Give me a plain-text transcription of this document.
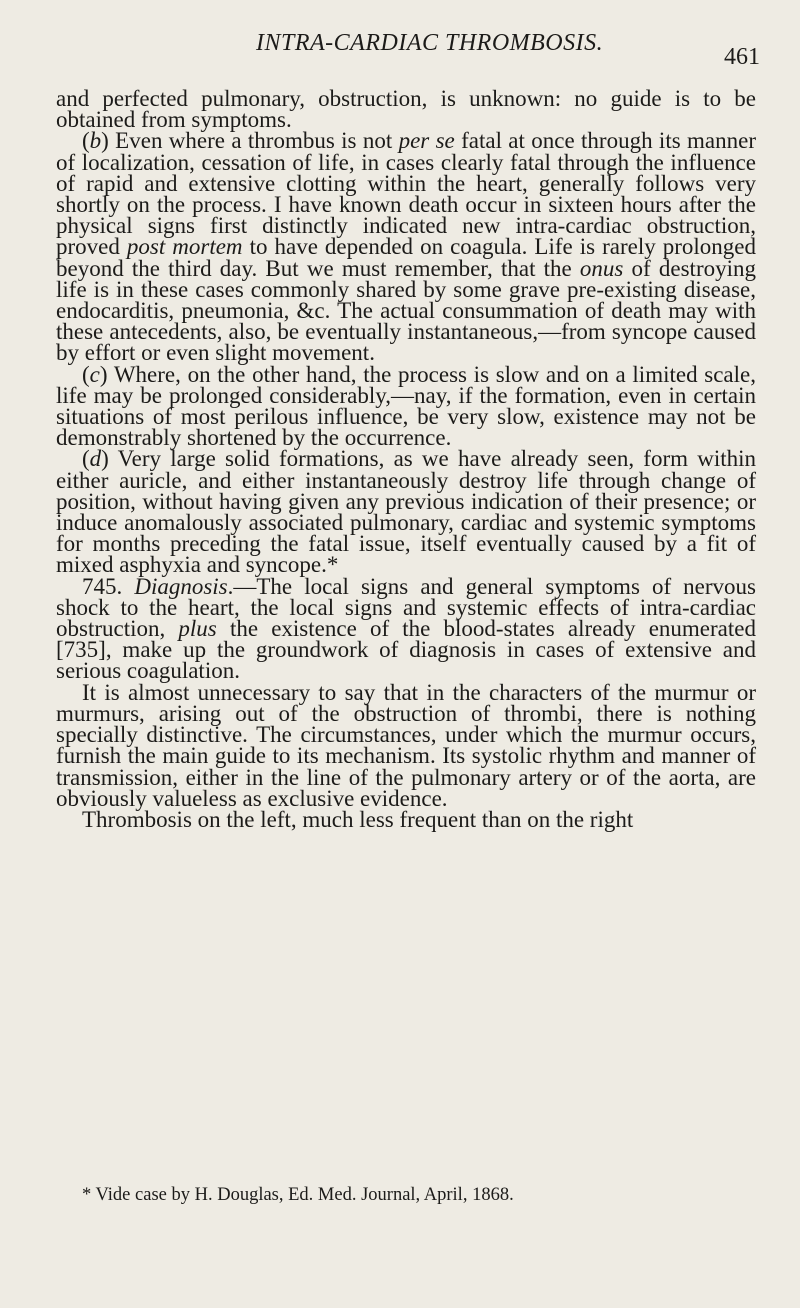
INTRA-CARDIAC THROMBOSIS.
461

and perfected pulmonary, obstruction, is unknown: no guide is to be obtained from symptoms.

(b) Even where a thrombus is not per se fatal at once through its manner of localization, cessation of life, in cases clearly fatal through the influence of rapid and extensive clotting within the heart, generally follows very shortly on the process. I have known death occur in sixteen hours after the physical signs first distinctly indicated new intra-cardiac obstruction, proved post mortem to have depended on coagula. Life is rarely prolonged beyond the third day. But we must remember, that the onus of destroying life is in these cases commonly shared by some grave pre-existing disease, endocarditis, pneumonia, &c. The actual consummation of death may with these antecedents, also, be eventually instantaneous,—from syncope caused by effort or even slight movement.

(c) Where, on the other hand, the process is slow and on a limited scale, life may be prolonged considerably,—nay, if the formation, even in certain situations of most perilous influence, be very slow, existence may not be demonstrably shortened by the occurrence.

(d) Very large solid formations, as we have already seen, form within either auricle, and either instantaneously destroy life through change of position, without having given any previous indication of their presence; or induce anomalously associated pulmonary, cardiac and systemic symptoms for months preceding the fatal issue, itself eventually caused by a fit of mixed asphyxia and syncope.*

745. Diagnosis.—The local signs and general symptoms of nervous shock to the heart, the local signs and systemic effects of intra-cardiac obstruction, plus the existence of the blood-states already enumerated [735], make up the groundwork of diagnosis in cases of extensive and serious coagulation.

It is almost unnecessary to say that in the characters of the murmur or murmurs, arising out of the obstruction of thrombi, there is nothing specially distinctive. The circumstances, under which the murmur occurs, furnish the main guide to its mechanism. Its systolic rhythm and manner of transmission, either in the line of the pulmonary artery or of the aorta, are obviously valueless as exclusive evidence.

Thrombosis on the left, much less frequent than on the right

* Vide case by H. Douglas, Ed. Med. Journal, April, 1868.
